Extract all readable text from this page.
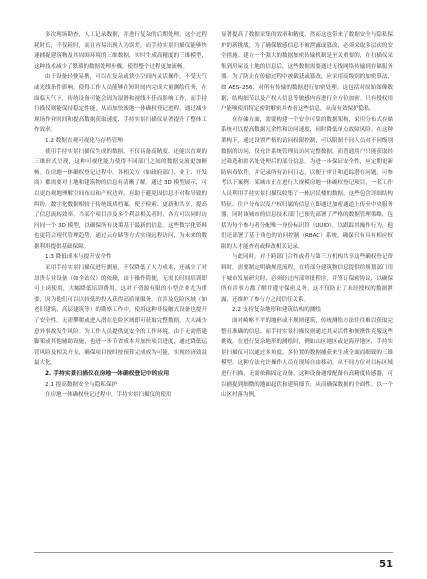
多次现场勘查，人工记录数据，并进行复杂的后期处理，这个过程耗时长，不仅耗时，而且容易出现人为误差。而手持实景扫描仪能够快速捕捉建筑物及其周围环境的三维数据，实时生成高精度的三维模型，这种技术减少了繁琐的数据处理步骤，使得整个过程更加流畅。

由于设备轻便易携，可以在复杂或狭小空间内灵活操作，不受天气或光线条件影响，使得工作人员能够在短时间内完成大量测绘任务，在面临天气下，传统设备可能会因为湿滑和视线不佳而影响工作，而手持扫描仪则能保持稳定性能，从而加快竣地一体确权登记进程。通过减少现场作业时间和提高数据获取速度，手持实景扫描仪显著提升了整体工作效率。

1.2 数据直观可视化与存档管理

使用手持实景扫描仪生成的数据，不仅具备高精度，还能以直观的三维形式呈现，这种可视化能力使得不同部门之间的数据交流更加顺畅。在房地一体确权登记过程中，各相关方（如政府部门、业主、开发商）都需要对土地和建筑物的信息有清晰了解。通过 3D 模型展示，可以更直观地理解空间布局和产权边界，有助于避免因信息不对称导致的纠纷。数字化数据相较于传统纸质档案，便于检索、更新和共享，提高了信息流转效率，当某个项目涉及多个利益相关者时，各方可以同时访问同一个 3D 模型，以确保所有决策基于最新的信息。这些数字化资料也更符合现代管理趋势，通过云存储等方式实现远程访问，为未来的数据利用提供基础保障。

1.3 降低成本与提升安全性

采用手持实景扫描仪进行测量，不仅降低了人力成本，还减少了对昂贵专业设备（如全站仪）的依赖，由于操作简便，无需长时间培训即可上岗使用，大幅降低培训费用。这对于资源有限的小型企业尤为重要，因为他们可以以较低的投入获得高质量服务。在涉及危险区域（如老旧建筑、高层建筑等）的勘察工作中，使用这种非接触式设备也提升了安全性。无需攀爬或进入潜在危险区域即可获取完整数据，大大减少意外事故发生风险。为工作人员提供更安全的工作环境，由于无需搭建脚架或其他辅助设施，也进一步节省成本并加快项目进度，通过降低运营风险及相关开支，确保项目按时按预算完成成为可能，实现经济效益最大化。

2. 手持实景扫描仪在房地一体确权登记中的应用
2.1 提高数据安全与隐私保护

在房地一体确权登记过程中，手持实景扫描仪的使用

显著提高了数据采集的效率和精度。然而这也带来了数据安全与隐私保护的新挑战。为了确保敏感信息不被泄露或篡改，必须采取多层次的安全措施。建立一个强大的数据加密传输机制是至关重要的，在扫描仪采集到房屋及土地的信息后，这些数据需要通过无线网络传输到存储服务器。为了防止在传输过程中被截获或篡改，应采用高级别的加密算法，如 AES–256，对所有传输的数据进行加密处理。这包括对原始图像数据、结构细节以及产权人信息等敏感内容进行全方位加密。只有授权用户能够使用特定密钥解密并查看这些信息，从而有效保护隐私。

在存储方面，需要构建一个安全可靠的数据架构，采用分布式存储系统可以提高数据冗余性和访问速度，同时降低单点故障风险。在这种架构下，通过设置严格的访问权限控制，可以限制不同人员对不同级别数据的访问，仅允许系统管理员访问完整数据，而普通用户只能获取经过筛选和匿名处处理后的部分信息。为进一步保证安全性，应定期更新防病毒软件，并记录所有访问日志，以便于审计和追踪潜在问题。可参考以下案例：某城市正在进行大规模房地一体确权登记项目，一名工作人员利用手持实景扫描仪收集了一栋居民楼的数据，这些包含详细结构特征、住户分布以及户权归属的信息立即通过加密通道上传至中央服务器，同时该城市的信息技术部门已预先部署了严格的数据管理策略，包括为每个参与者分配唯一身份标识符（UUID），以跟踪其操作行为，他们还部署了基于角色的访问控制（RBAC）系统，确保只有具有相应权限的人才能查看或修改相关记录。

与此同时，对于跨部门合作或者与第三方机构共享这些确权登记资料时，需要制定明确规范流程，在将部分建筑物信息提供给规划部门用于城市发展研究时，必须经过内部审批程序，并签订保密协议，以确保所有涉事方都了解并遵守保密义务，这不仅防止了未经授权的数据泄露，还维护了参与方之间信任关系。

2.2 支持复杂地形和建筑结构的测绘

面对崎岖不平的地形或不规则建筑，传统测绘方法往往难以获取完整且准确的信息。而手持实景扫描仪则通过其灵活性和便携性克服这些挑战。在进行复杂地形的测绘时，例如山区地区或是海岸地区，手持实景扫描仪可以通过多角度、多位置的数据捕获来生成全面而细致的三维模型。这种方法允许操作人员在现场自由移动，从不同方位对目标区域进行扫描，无需依赖固定设备，这种设备通常配备有高精度传感器，可以捕捉到细微的地面起伏和建筑细节，从而确保数据的全面性。以一个山区村落为例，

51
